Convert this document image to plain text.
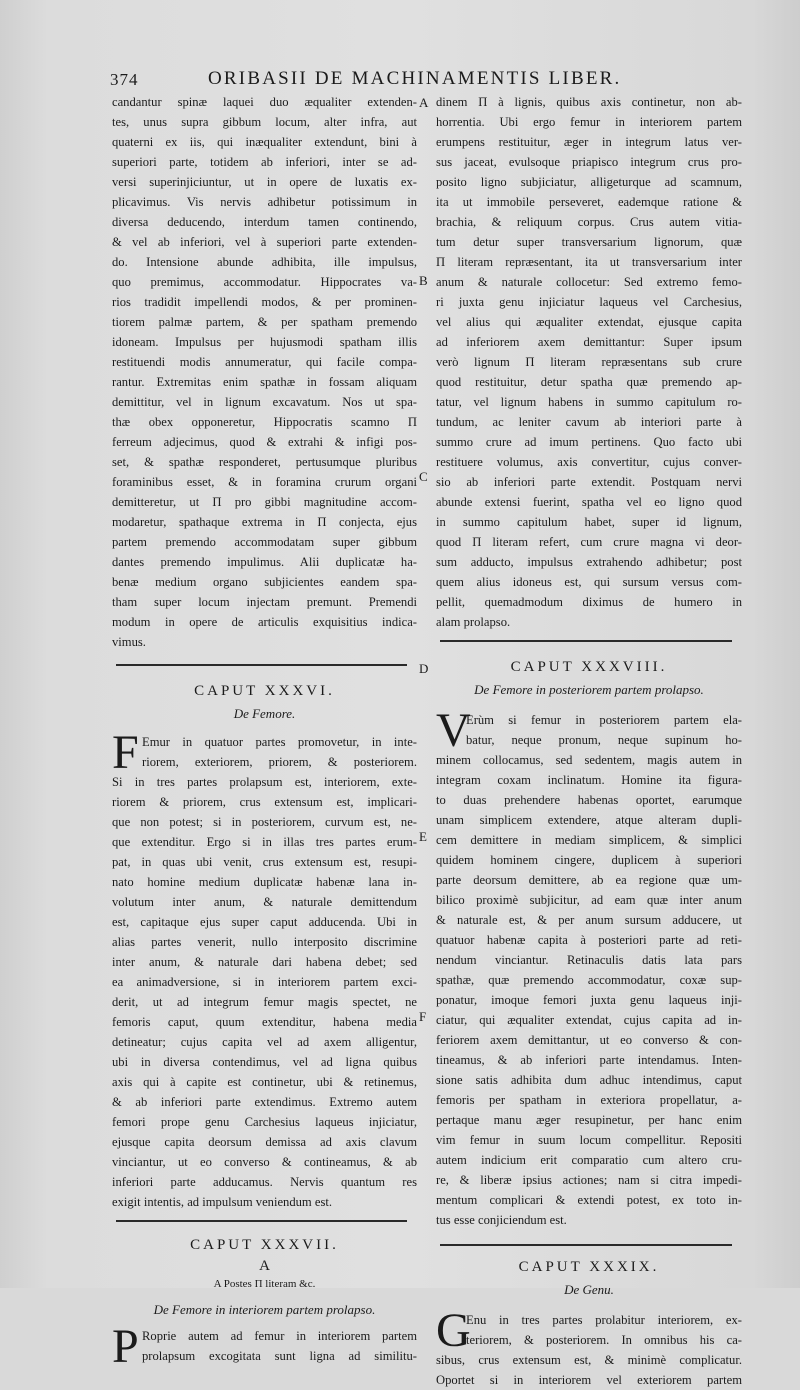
374	ORIBASII DE MACHINAMENTIS LIBER.
A
B
C
D
E
F
candantur spinæ laquei duo æqualiter extenden-
tes, unus supra gibbum locum, alter infra, aut
quaterni ex iis, qui inæqualiter extendunt, bini à
superiori parte, totidem ab inferiori, inter se ad-
versi superinjiciuntur, ut in opere de luxatis ex-
plicavimus. Vis nervis adhibetur potissimum in
diversa deducendo, interdum tamen continendo,
& vel ab inferiori, vel à superiori parte extenden-
do. Intensione abunde adhibita, ille impulsus,
quo premimus, accommodatur. Hippocrates va-
rios tradidit impellendi modos, & per prominen-
tiorem palmæ partem, & per spatham premendo
idoneam. Impulsus per hujusmodi spatham illis
restituendi modis annumeratur, qui facile compa-
rantur. Extremitas enim spathæ in fossam aliquam
demittitur, vel in lignum excavatum. Nos ut spa-
thæ obex opponeretur, Hippocratis scamno Π
ferreum adjecimus, quod & extrahi & infigi pos-
set, & spathæ responderet, pertusumque pluribus
foraminibus esset, & in foramina crurum organi
demitteretur, ut Π pro gibbi magnitudine accom-
modaretur, spathaque extrema in Π conjecta, ejus
partem premendo accommodatam super gibbum
dantes premendo impulimus. Alii duplicatæ ha-
benæ medium organo subjicientes eandem spa-
tham super locum injectam premunt. Premendi
modum in opere de articulis exquisitius indica-
vimus.
CAPUT XXXVI.
De Femore.
F Emur in quatuor partes promovetur, in inte-
riorem, exteriorem, priorem, & posteriorem.
Si in tres partes prolapsum est, interiorem, exte-
riorem & priorem, crus extensum est, implicari-
que non potest; si in posteriorem, curvum est, ne-
que extenditur. Ergo si in illas tres partes erum-
pat, in quas ubi venit, crus extensum est, resupi-
nato homine medium duplicatæ habenæ lana in-
volutum inter anum, & naturale demittendum
est, capitaque ejus super caput adducenda. Ubi in
alias partes venerit, nullo interposito discrimine
inter anum, & naturale dari habena debet; sed
ea animadversione, si in interiorem partem exci-
derit, ut ad integrum femur magis spectet, ne
femoris caput, quum extenditur, habena media
detineatur; cujus capita vel ad axem alligentur,
ubi in diversa contendimus, vel ad ligna quibus
axis qui à capite est continetur, ubi & retinemus,
& ab inferiori parte extendimus. Extremo autem
femori prope genu Carchesius laqueus injiciatur,
ejusque capita deorsum demissa ad axis clavum
vinciantur, ut eo converso & contineamus, & ab
inferiori parte adducamus. Nervis quantum res
exigit intentis, ad impulsum veniendum est.
CAPUT XXXVII.
A
A Postes Π literam &c.
De Femore in interiorem partem prolapso.
P Roprie autem ad femur in interiorem partem
prolapsum excogitata sunt ligna ad similitu-
dinem Π à lignis, quibus axis continetur, non ab-
horrentia. Ubi ergo femur in interiorem partem
erumpens restituitur, æger in integrum latus ver-
sus jaceat, evulsoque priapisco integrum crus pro-
posito ligno subjiciatur, alligeturque ad scamnum,
ita ut immobile perseveret, eademque ratione &
brachia, & reliquum corpus. Crus autem vitia-
tum detur super transversarium lignorum, quæ
Π literam repræsentant, ita ut transversarium inter
anum & naturale collocetur: Sed extremo femo-
ri juxta genu injiciatur laqueus vel Carchesius,
vel alius qui æqualiter extendat, ejusque capita
ad inferiorem axem demittantur: Super ipsum
verò lignum Π literam repræsentans sub crure
quod restituitur, detur spatha quæ premendo ap-
tatur, vel lignum habens in summo capitulum ro-
tundum, ac leniter cavum ab interiori parte à
summo crure ad imum pertinens. Quo facto ubi
restituere volumus, axis convertitur, cujus conver-
sio ab inferiori parte extendit. Postquam nervi
abunde extensi fuerint, spatha vel eo ligno quod
in summo capitulum habet, super id lignum,
quod Π literam refert, cum crure magna vi deor-
sum adducto, impulsus extrahendo adhibetur; post
quem alius idoneus est, qui sursum versus com-
pellit, quemadmodum diximus de humero in
alam prolapso.
CAPUT XXXVIII.
De Femore in posteriorem partem prolapso.
V
Erùm si femur in posteriorem partem ela-
batur, neque pronum, neque supinum ho-
minem collocamus, sed sedentem, magis autem in
integram coxam inclinatum. Homine ita figura-
to duas prehendere habenas oportet, earumque
unam simplicem extendere, atque alteram dupli-
cem demittere in mediam simplicem, & simplici
quidem hominem cingere, duplicem à superiori
parte deorsum demittere, ab ea regione quæ um-
bilico proximè subjicitur, ad eam quæ inter anum
& naturale est, & per anum sursum adducere, ut
quatuor habenæ capita à posteriori parte ad reti-
nendum vinciantur. Retinaculis datis lata pars
spathæ, quæ premendo accommodatur, coxæ sup-
ponatur, imoque femori juxta genu laqueus inji-
ciatur, qui æqualiter extendat, cujus capita ad in-
feriorem axem demittantur, ut eo converso & con-
tineamus, & ab inferiori parte intendamus. Inten-
sione satis adhibita dum adhuc intendimus, caput
femoris per spatham in exteriora propellatur, a-
pertaque manu æger resupinetur, per hanc enim
vim femur in suum locum compellitur. Repositi
autem indicium erit comparatio cum altero cru-
re, & liberæ ipsius actiones; nam si citra impedi-
mentum complicari & extendi potest, ex toto in-
tus esse conjiciendum est.
CAPUT XXXIX.
De Genu.
G
Enu in tres partes prolabitur interiorem, ex-
teriorem, & posteriorem. In omnibus his ca-
sibus, crus extensum est, & minimè complicatur.
Oportet si in interiorem vel exteriorem partem
